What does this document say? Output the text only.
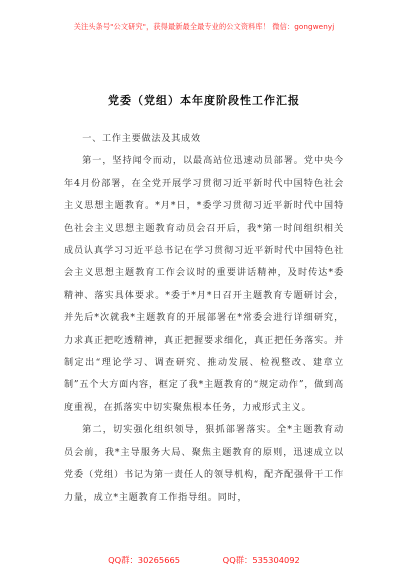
关注头条号"公文研究"，获得最新最全最专业的公文资料库！ 微信：gongwenyj
党委（党组）本年度阶段性工作汇报

一、工作主要做法及其成效

第一，坚持闻令而动，以最高站位迅速动员部署。党中央今年4月份部署，在全党开展学习贯彻习近平新时代中国特色社会主义思想主题教育。*月*日，*委学习贯彻习近平新时代中国特色社会主义思想主题教育动员会召开后，我*第一时间组织相关成员认真学习习近平总书记在学习贯彻习近平新时代中国特色社会主义思想主题教育工作会议时的重要讲话精神，及时传达*委精神、落实具体要求。*委于*月*日召开主题教育专题研讨会，并先后*次就我*主题教育的开展部署在*常委会进行详细研究，力求真正把吃透精神，真正把握要求细化，真正把任务落实。并制定出“理论学习、调查研究、推动发展、检视整改、建章立制”五个大方面内容，框定了我*主题教育的“规定动作”，做到高度重视，在抓落实中切实聚焦根本任务，力戒形式主义。

第二，切实强化组织领导，狠抓部署落实。全*主题教育动员会前，我*主导服务大局、聚焦主题教育的原则，迅速成立以党委（党组）书记为第一责任人的领导机构，配齐配强骨干工作力量，成立*主题教育工作指导组。同时，

QQ群：30265665	QQ群：535304092
